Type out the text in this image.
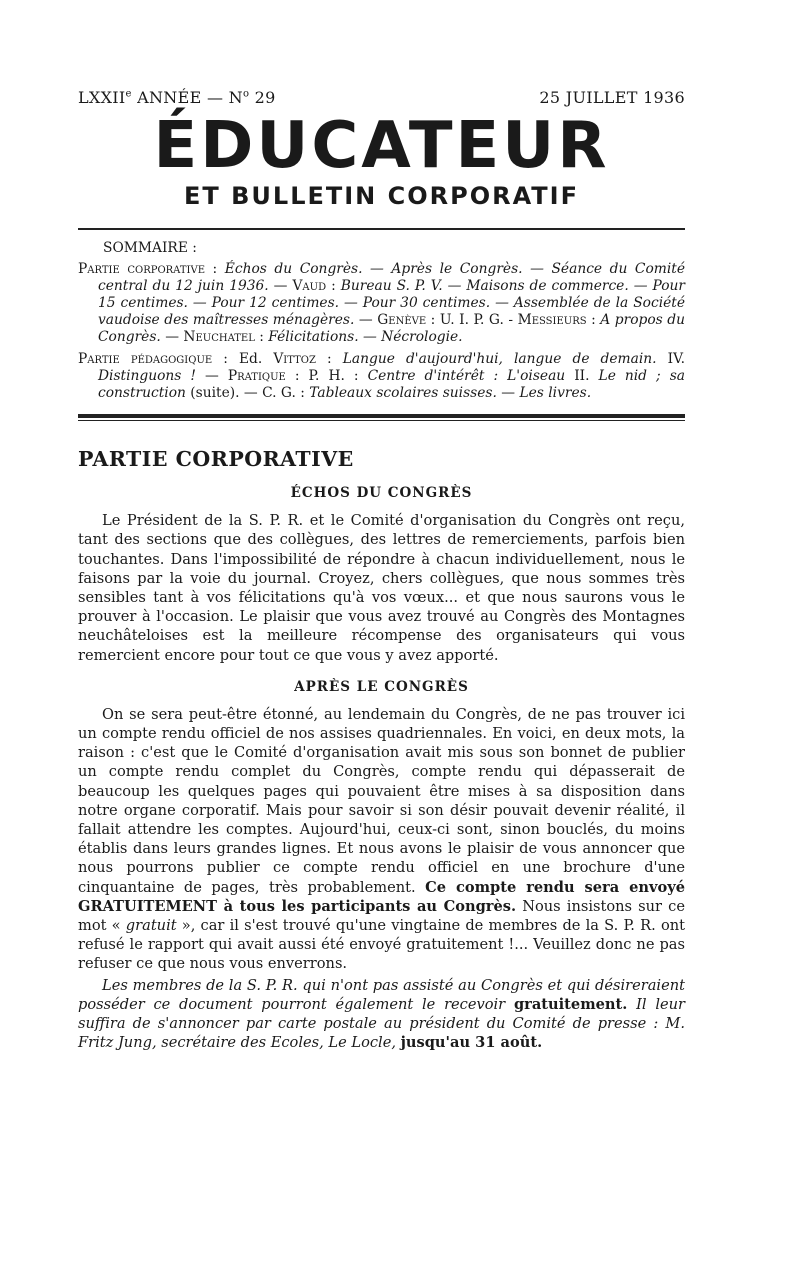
LXXIIe ANNÉE — $N^o$ 29	25 JUILLET 1936
ÉDUCATEUR
ET BULLETIN CORPORATIF
SOMMAIRE :
Partie corporative : Échos du Congrès. — Après le Congrès. — Séance du Comité central du 12 juin 1936. — Vaud : Bureau S. P. V. — Maisons de commerce. — Pour 15 centimes. — Pour 12 centimes. — Pour 30 centimes. — Assemblée de la Société vaudoise des maîtresses ménagères. — Genève : U. I. P. G. - Messieurs : A propos du Congrès. — Neuchatel : Félicitations. — Nécrologie.
Partie pédagogique : Ed. Vittoz : Langue d'aujourd'hui, langue de demain. IV. Distinguons ! — Pratique : P. H. : Centre d'intérêt : L'oiseau II. Le nid ; sa construction (suite). — C. G. : Tableaux scolaires suisses. — Les livres.
PARTIE CORPORATIVE
ÉCHOS DU CONGRÈS

Le Président de la S. P. R. et le Comité d'organisation du Congrès ont reçu, tant des sections que des collègues, des lettres de remerciements, parfois bien touchantes. Dans l'impossibilité de répondre à chacun individuellement, nous le faisons par la voie du journal. Croyez, chers collègues, que nous sommes très sensibles tant à vos félicitations qu'à vos vœux... et que nous saurons vous le prouver à l'occasion. Le plaisir que vous avez trouvé au Congrès des Montagnes neuchâteloises est la meilleure récompense des organisateurs qui vous remercient encore pour tout ce que vous y avez apporté.

APRÈS LE CONGRÈS

On se sera peut-être étonné, au lendemain du Congrès, de ne pas trouver ici un compte rendu officiel de nos assises quadriennales. En voici, en deux mots, la raison : c'est que le Comité d'organisation avait mis sous son bonnet de publier un compte rendu complet du Congrès, compte rendu qui dépasserait de beaucoup les quelques pages qui pouvaient être mises à sa disposition dans notre organe corporatif. Mais pour savoir si son désir pouvait devenir réalité, il fallait attendre les comptes. Aujourd'hui, ceux-ci sont, sinon bouclés, du moins établis dans leurs grandes lignes. Et nous avons le plaisir de vous annoncer que nous pourrons publier ce compte rendu officiel en une brochure d'une cinquantaine de pages, très probablement. Ce compte rendu sera envoyé GRATUITEMENT à tous les participants au Congrès. Nous insistons sur ce mot « gratuit », car il s'est trouvé qu'une vingtaine de membres de la S. P. R. ont refusé le rapport qui avait aussi été envoyé gratuitement !... Veuillez donc ne pas refuser ce que nous vous enverrons.

Les membres de la S. P. R. qui n'ont pas assisté au Congrès et qui désireraient posséder ce document pourront également le recevoir gratuitement. Il leur suffira de s'annoncer par carte postale au président du Comité de presse : M. Fritz Jung, secrétaire des Ecoles, Le Locle, jusqu'au 31 août.
